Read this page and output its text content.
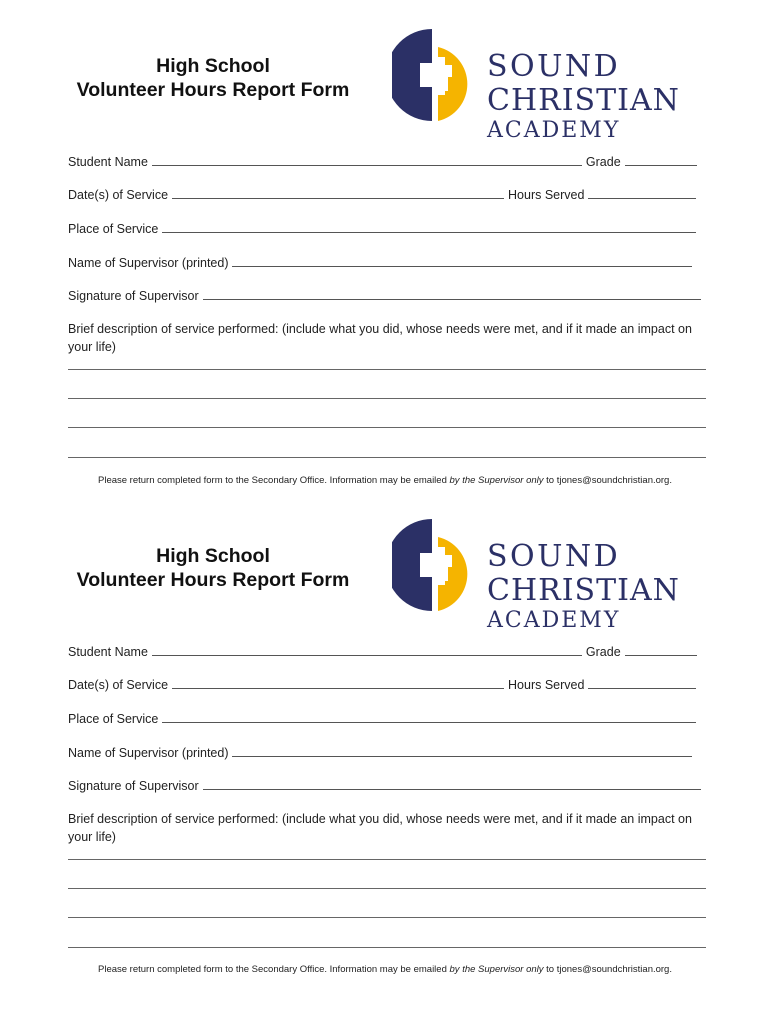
High School
Volunteer Hours Report Form
SOUND
CHRISTIAN
ACADEMY
Student Name	Grade
Date(s) of Service	Hours Served
Place of Service
Name of Supervisor (printed)
Signature of Supervisor
Brief description of service performed: (include what you did, whose needs were met, and if it made an impact on your life)
Please return completed form to the Secondary Office. Information may be emailed by the Supervisor only to tjones@soundchristian.org.
High School
Volunteer Hours Report Form
SOUND
CHRISTIAN
ACADEMY
Student Name	Grade
Date(s) of Service	Hours Served
Place of Service
Name of Supervisor (printed)
Signature of Supervisor
Brief description of service performed: (include what you did, whose needs were met, and if it made an impact on your life)
Please return completed form to the Secondary Office. Information may be emailed by the Supervisor only to tjones@soundchristian.org.
